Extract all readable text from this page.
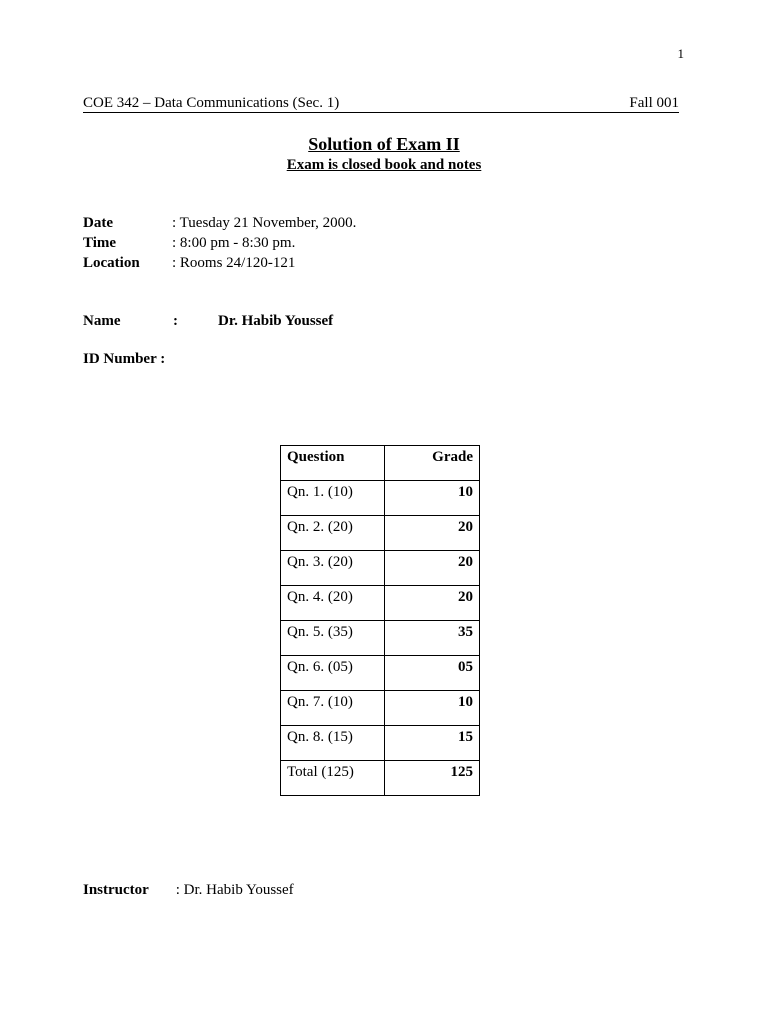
1
COE 342 – Data Communications (Sec. 1)	Fall 001
Solution of Exam II
Exam is closed book and notes
Date	: Tuesday 21 November, 2000.
Time	: 8:00 pm - 8:30 pm.
Location	: Rooms 24/120-121
Name	:	Dr. Habib Youssef
ID Number :
Question	Grade
Qn. 1. (10)	10
Qn. 2. (20)	20
Qn. 3. (20)	20
Qn. 4. (20)	20
Qn. 5. (35)	35
Qn. 6. (05)	05
Qn. 7. (10)	10
Qn. 8. (15)	15
Total (125)	125
Instructor : Dr. Habib Youssef
